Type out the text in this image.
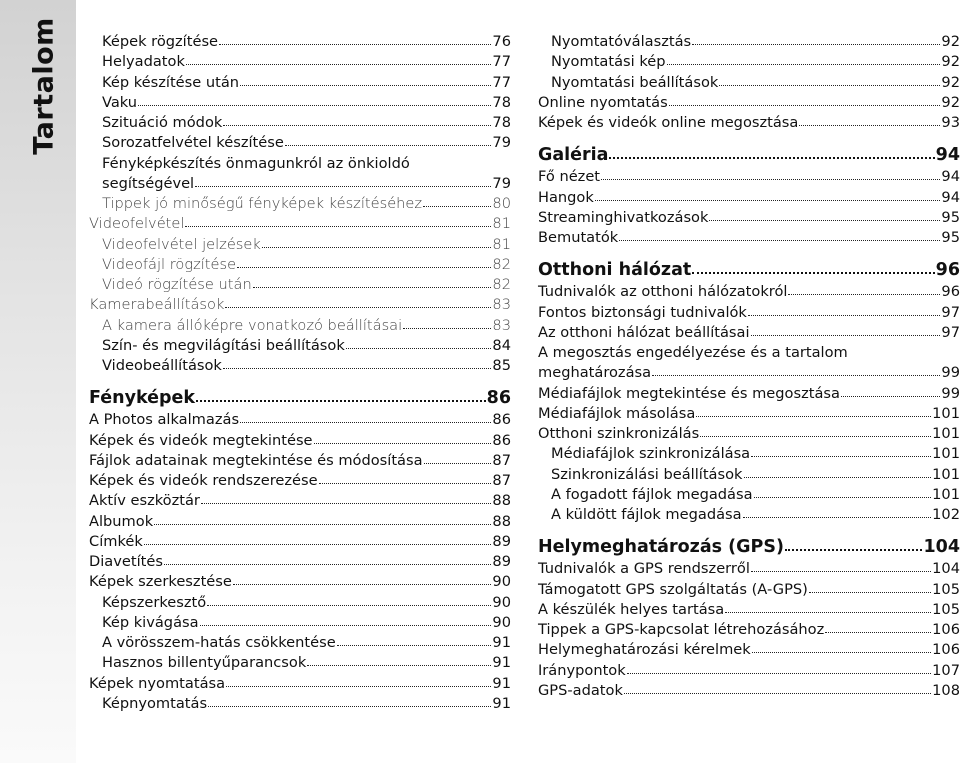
Tartalom	Képek rögzítése	76
Helyadatok	77
Kép készítése után	77
Vaku	78
Szituáció módok	78
Sorozatfelvétel készítése	79
Fényképkészítés önmagunkról az önkioldó
segítségével	79
Tippek jó minőségű fényképek készítéséhez	80
Videofelvétel	81
Videofelvétel jelzések	81
Videofájl rögzítése	82
Videó rögzítése után	82
Kamerabeállítások	83
A kamera állóképre vonatkozó beállításai	83
Szín- és megvilágítási beállítások	84
Videobeállítások	85
Fényképek	86
A Photos alkalmazás	86
Képek és videók megtekintése	86
Fájlok adatainak megtekintése és módosítása	87
Képek és videók rendszerezése	87
Aktív eszköztár	88
Albumok	88
Címkék	89
Diavetítés	89
Képek szerkesztése	90
Képszerkesztő	90
Kép kivágása	90
A vörösszem-hatás csökkentése	91
Hasznos billentyűparancsok	91
Képek nyomtatása	91
Képnyomtatás	91
Nyomtatóválasztás	92
Nyomtatási kép	92
Nyomtatási beállítások	92
Online nyomtatás	92
Képek és videók online megosztása	93
Galéria	94
Fő nézet	94
Hangok	94
Streaminghivatkozások	95
Bemutatók	95
Otthoni hálózat	96
Tudnivalók az otthoni hálózatokról	96
Fontos biztonsági tudnivalók	97
Az otthoni hálózat beállításai	97
A megosztás engedélyezése és a tartalom
meghatározása	99
Médiafájlok megtekintése és megosztása	99
Médiafájlok másolása	101
Otthoni szinkronizálás	101
Médiafájlok szinkronizálása	101
Szinkronizálási beállítások	101
A fogadott fájlok megadása	101
A küldött fájlok megadása	102
Helymeghatározás (GPS)	104
Tudnivalók a GPS rendszerről	104
Támogatott GPS szolgáltatás (A-GPS)	105
A készülék helyes tartása	105
Tippek a GPS-kapcsolat létrehozásához	106
Helymeghatározási kérelmek	106
Iránypontok	107
GPS-adatok	108
